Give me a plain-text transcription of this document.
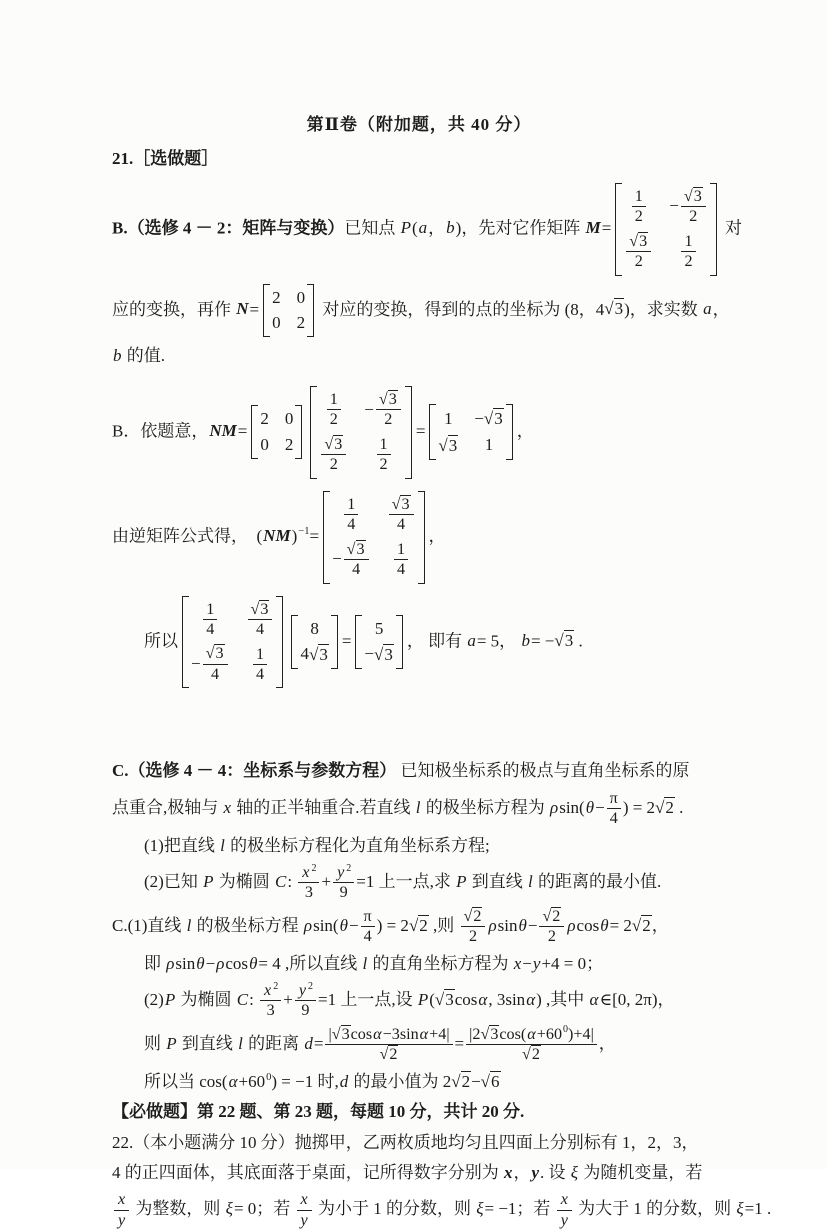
第Ⅱ卷（附加题，共 40 分）
21.［选做题］
B.（选修 4 － 2：矩阵与变换）已知点 P(a，b)，先对它作矩阵 M=
$\frac{1}{2} - \frac{√3}{2}$
$\frac{√3}{2} \frac{1}{2}$
对
应的变换，再作 N=
2 0
0 2
对应的变换，得到的点的坐标为 (8，4√3)，求实数 a，
b 的值.
B．依题意，NM=
2 0
0 2
$\frac{1}{2} - \frac{√3}{2}$
$\frac{√3}{2} \frac{1}{2}$
=
1 − √3
√3 1
，
由逆矩阵公式得，  (NM)$^{-1}$=
$\frac{1}{4} \frac{√3}{4}$
− $\frac{√3}{4} \frac{1}{4}$
，
所以
$\frac{1}{4} \frac{√3}{4}$
− $\frac{√3}{4} \frac{1}{4}$
8
4 √3
=
5
− √3
， 即有 a= 5， b= −√3 .
C.（选修 4 － 4：坐标系与参数方程） 已知极坐标系的极点与直角坐标系的原
点重合,极轴与 x 轴的正半轴重合.若直线 l 的极坐标方程为 $\rho\sin(\theta- \frac{\pi}{4}$ ) = 2√2 .
(1)把直线 l 的极坐标方程化为直角坐标系方程;
(2)已知 P 为椭圆 C: $\frac{x ^2}{3} + \frac{y ^2}{9} =1$ 上一点,求 P 到直线 l 的距离的最小值.
C.(1)直线 l 的极坐标方程 $\rho\sin(\theta- \frac{\pi}{4}$ ) = 2√2 ,则 $\frac{√2}{2} \rho\sin\theta- \frac{√2}{2} \rho\cos\theta= 2√2$，
即 ρsinθ−ρcosθ= 4 ,所以直线 l 的直角坐标方程为 x−y+4 = 0；
(2)P 为椭圆 C: $\frac{x ^2}{3} + \frac{y ^2}{9} =1$ 上一点,设 P(√3cosα, 3sinα) ,其中 α∈[0, 2π)，
则 P 到直线 l 的距离 $d= \frac{|√3\cos\alpha-3\sin\alpha+4|}{√2} = \frac{|2√3\cos(\alpha+60^0)+4|}{√2}$ ，
所以当 $\cos(\alpha+60^0) = -1$ 时,d 的最小值为 2√2−√6
【必做题】第 22 题、第 23 题，每题 10 分，共计 20 分.
22.（本小题满分 10 分）抛掷甲，乙两枚质地均匀且四面上分别标有 1，2，3，
4 的正四面体，其底面落于桌面，记所得数字分别为 x，y. 设 ξ 为随机变量，若
$\frac{x}{y}$ 为整数，则 ξ= 0；若 $\frac{x}{y}$ 为小于 1 的分数，则 ξ= −1；若 $\frac{x}{y}$ 为大于 1 的分数，则 ξ=1 .
